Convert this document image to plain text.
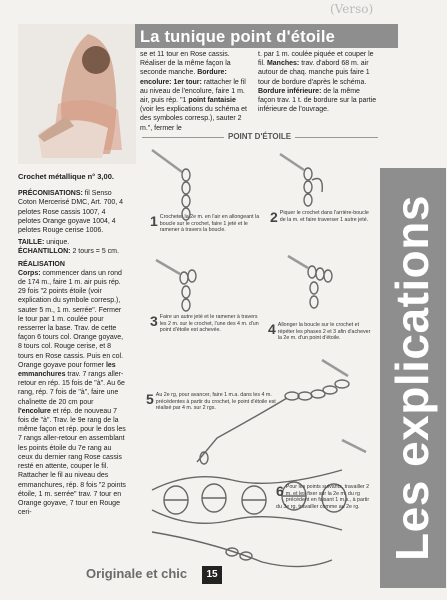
(Verso)
La tunique point d'étoile
Les explications

Crochet métallique n° 3,00.

PRÉCONISATIONS: fil Senso Coton Mercerisé DMC, Art. 700, 4 pelotes Rose cassis 1007, 4 pelotes Orange goyave 1004, 4 pelotes Rouge cerise 1006.

TAILLE: unique.

ÉCHANTILLON: 2 tours = 5 cm.

RÉALISATION

Corps: commencer dans un rond de 174 m., faire 1 m. air puis rép. 29 fois "2 points étoile (voir explication du symbole corresp.), sauter 5 m., 1 m. serrée". Fermer le tour par 1 m. coulée pour resserrer la base. Trav. de cette façon 6 tours col. Orange goyave, 8 tours col. Rouge cerise, et 8 tours en Rose cassis. Puis en col. Orange goyave pour former les emmanchures trav. 7 rangs aller-retour en rép. 15 fois de "à". Au 6e rang, rép. 7 fois de "à", faire une chaînette de 20 cm pour l'encolure et rép. de nouveau 7 fois de "à". Trav. le 9e rang de la même façon et rép. pour le dos les 7 rangs aller-retour en assemblant les points étoile du 7e rang au ceux du dernier rang Rose cassis resté en attente, couper le fil. Rattacher le fil au niveau des emmanchures, rép. 8 fois "2 points étoile, 1 m. serrée" trav. 7 tour en Orange goyave, 7 tour en Rouge ceri-

se et 11 tour en Rose cassis. Réaliser de la même façon la seconde manche. Bordure: encolure: 1er tour: rattacher le fil au niveau de l'encolure, faire 1 m. air, puis rép. "1 point fantaisie (voir les explications du schéma et des symboles corresp.), sauter 2 m.", fermer le

t. par 1 m. coulée piquée et couper le fil. Manches: trav. d'abord 68 m. air autour de chaq. manche puis faire 1 tour de bordure d'après le schéma. Bordure inférieure: de la même façon trav. 1 t. de bordure sur la partie inférieure de l'ouvrage.

POINT D'ÉTOILE
1 Crocheter la 2e m. en l'air en allongeant la boucle sur le crochet, faire 1 jeté et le ramener à travers la boucle.
2 Piquer le crochet dans l'arrière-boucle de la m. et faire traverser 1 autre jeté.
3 Faire un autre jeté et le ramener à travers les 2 m. sur le crochet, l'une des 4 m. d'un point d'étoile est achevée.	4 Allonger la boucle sur le crochet et répéter les phases 2 et 3 afin d'achever la 2e m. d'un point d'étoile.
5 Au 2e rg, pour avancer, faire 1 m.a. dans les 4 m. précédentes à partir du crochet, le point d'étoile est réalisé par 4 m. sur 2 rgs.
6 Pour les points suivants, travailler 2 m. et les fixer sur la 2e m. du rg précédent en faisant 1 m.s., à partir du 3e rg, travailler comme au 2e rg.
Originale et chic	15
